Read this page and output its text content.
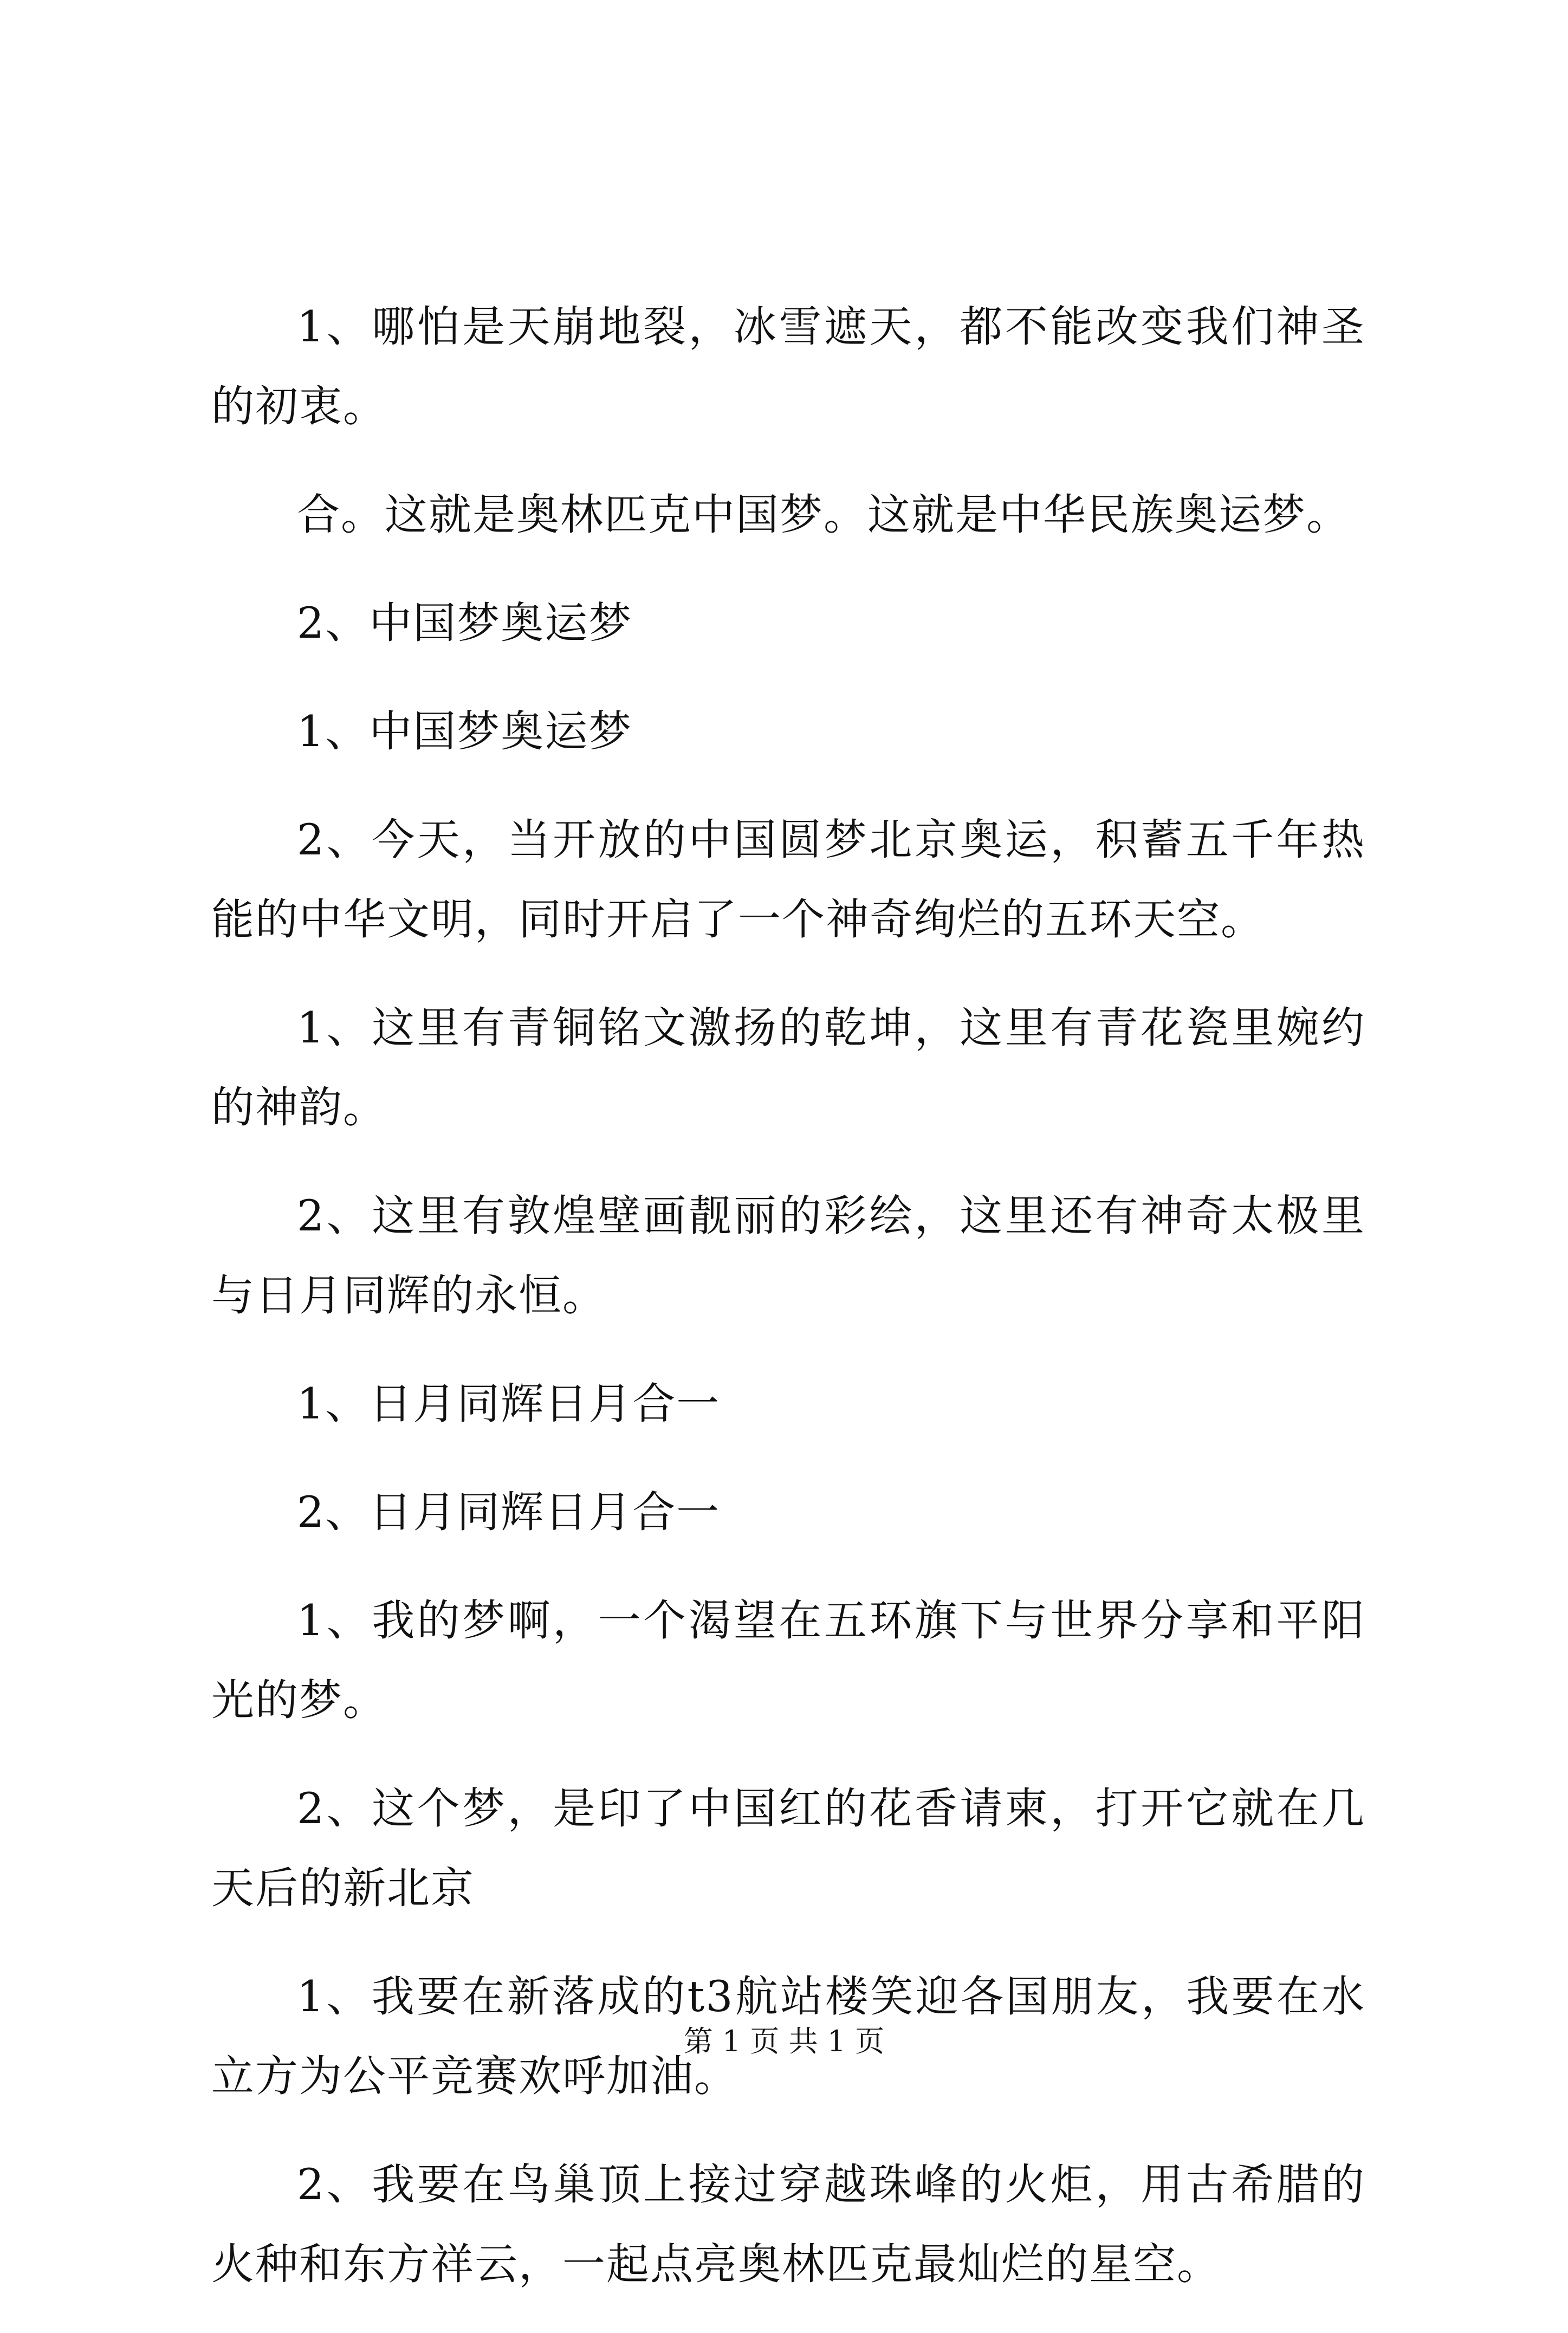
1、哪怕是天崩地裂，冰雪遮天，都不能改变我们神圣的初衷。

合。这就是奥林匹克中国梦。这就是中华民族奥运梦。

2、中国梦奥运梦

1、中国梦奥运梦

2、今天，当开放的中国圆梦北京奥运，积蓄五千年热能的中华文明，同时开启了一个神奇绚烂的五环天空。

1、这里有青铜铭文激扬的乾坤，这里有青花瓷里婉约的神韵。

2、这里有敦煌壁画靓丽的彩绘，这里还有神奇太极里与日月同辉的永恒。

1、日月同辉日月合一

2、日月同辉日月合一

1、我的梦啊，一个渴望在五环旗下与世界分享和平阳光的梦。

2、这个梦，是印了中国红的花香请柬，打开它就在几天后的新北京

1、我要在新落成的t3航站楼笑迎各国朋友，我要在水立方为公平竞赛欢呼加油。

2、我要在鸟巢顶上接过穿越珠峰的火炬，用古希腊的火种和东方祥云，一起点亮奥林匹克最灿烂的星空。

第 1 页 共 1 页
